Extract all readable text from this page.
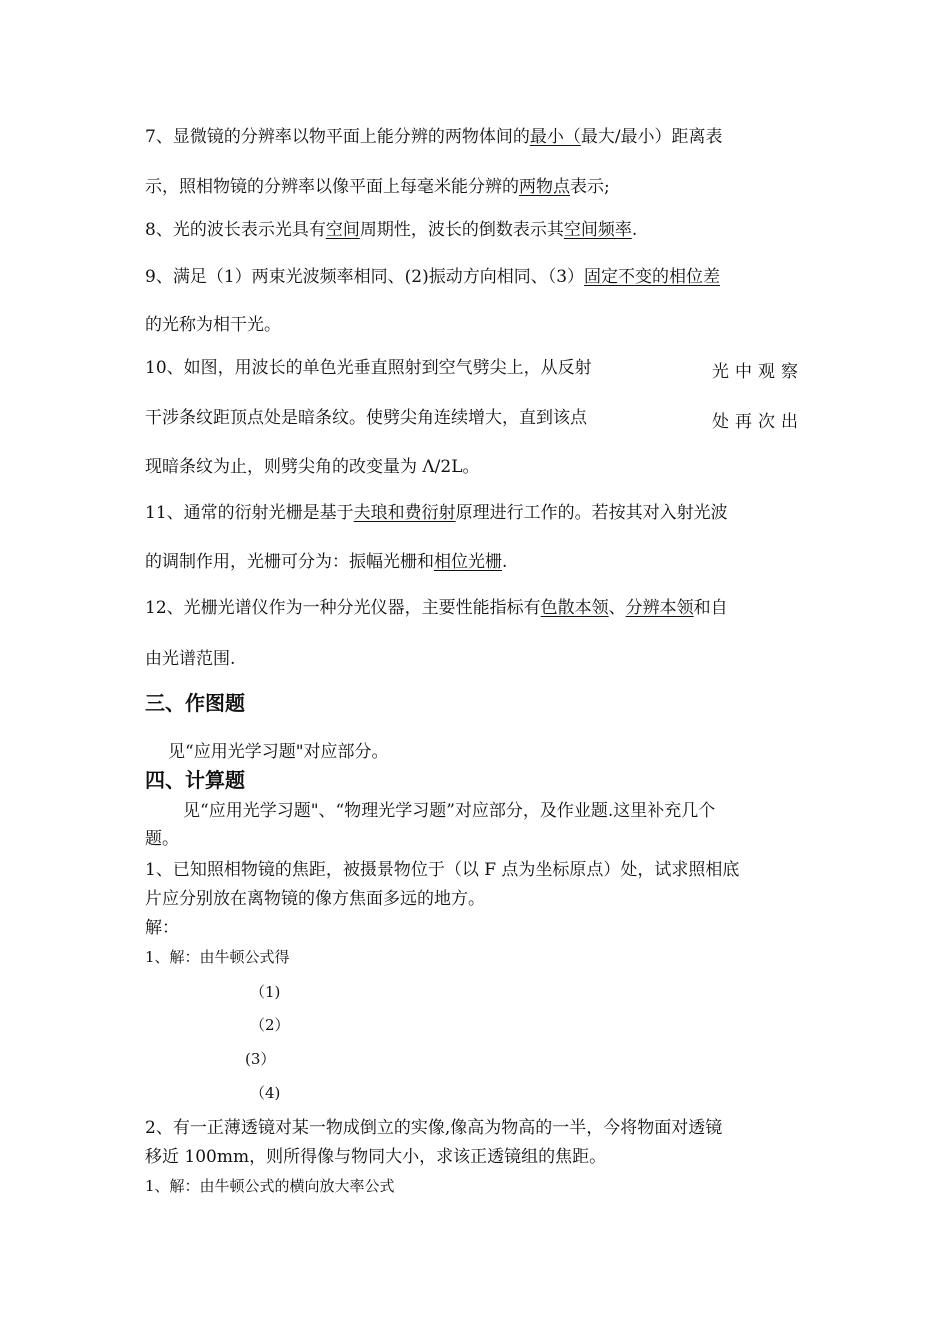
7、显微镜的分辨率以物平面上能分辨的两物体间的最小（最大/最小）距离表
示，照相物镜的分辨率以像平面上每毫米能分辨的两物点表示;
8、光的波长表示光具有空间周期性，波长的倒数表示其空间频率.
9、满足（1）两束光波频率相同、(2)振动方向相同、（3）固定不变的相位差
的光称为相干光。
10、如图，用波长的单色光垂直照射到空气劈尖上，从反射	光中观察
干涉条纹距顶点处是暗条纹。使劈尖角连续增大，直到该点	处再次出
现暗条纹为止，则劈尖角的改变量为 Λ/2L。
11、通常的衍射光栅是基于夫琅和费衍射原理进行工作的。若按其对入射光波
的调制作用，光栅可分为：振幅光栅和相位光栅.
12、光栅光谱仪作为一种分光仪器，主要性能指标有色散本领、分辨本领和自
由光谱范围.
三、作图题
见“应用光学习题"对应部分。
四、计算题
见“应用光学习题"、“物理光学习题”对应部分，及作业题.这里补充几个
题。
1、已知照相物镜的焦距，被摄景物位于（以 F 点为坐标原点）处，试求照相底
片应分别放在离物镜的像方焦面多远的地方。
解：
1、解：由牛顿公式得
（1)
（2）
(3）
（4)
2、有一正薄透镜对某一物成倒立的实像,像高为物高的一半，今将物面对透镜
移近 100mm，则所得像与物同大小，求该正透镜组的焦距。
1、解：由牛顿公式的横向放大率公式
